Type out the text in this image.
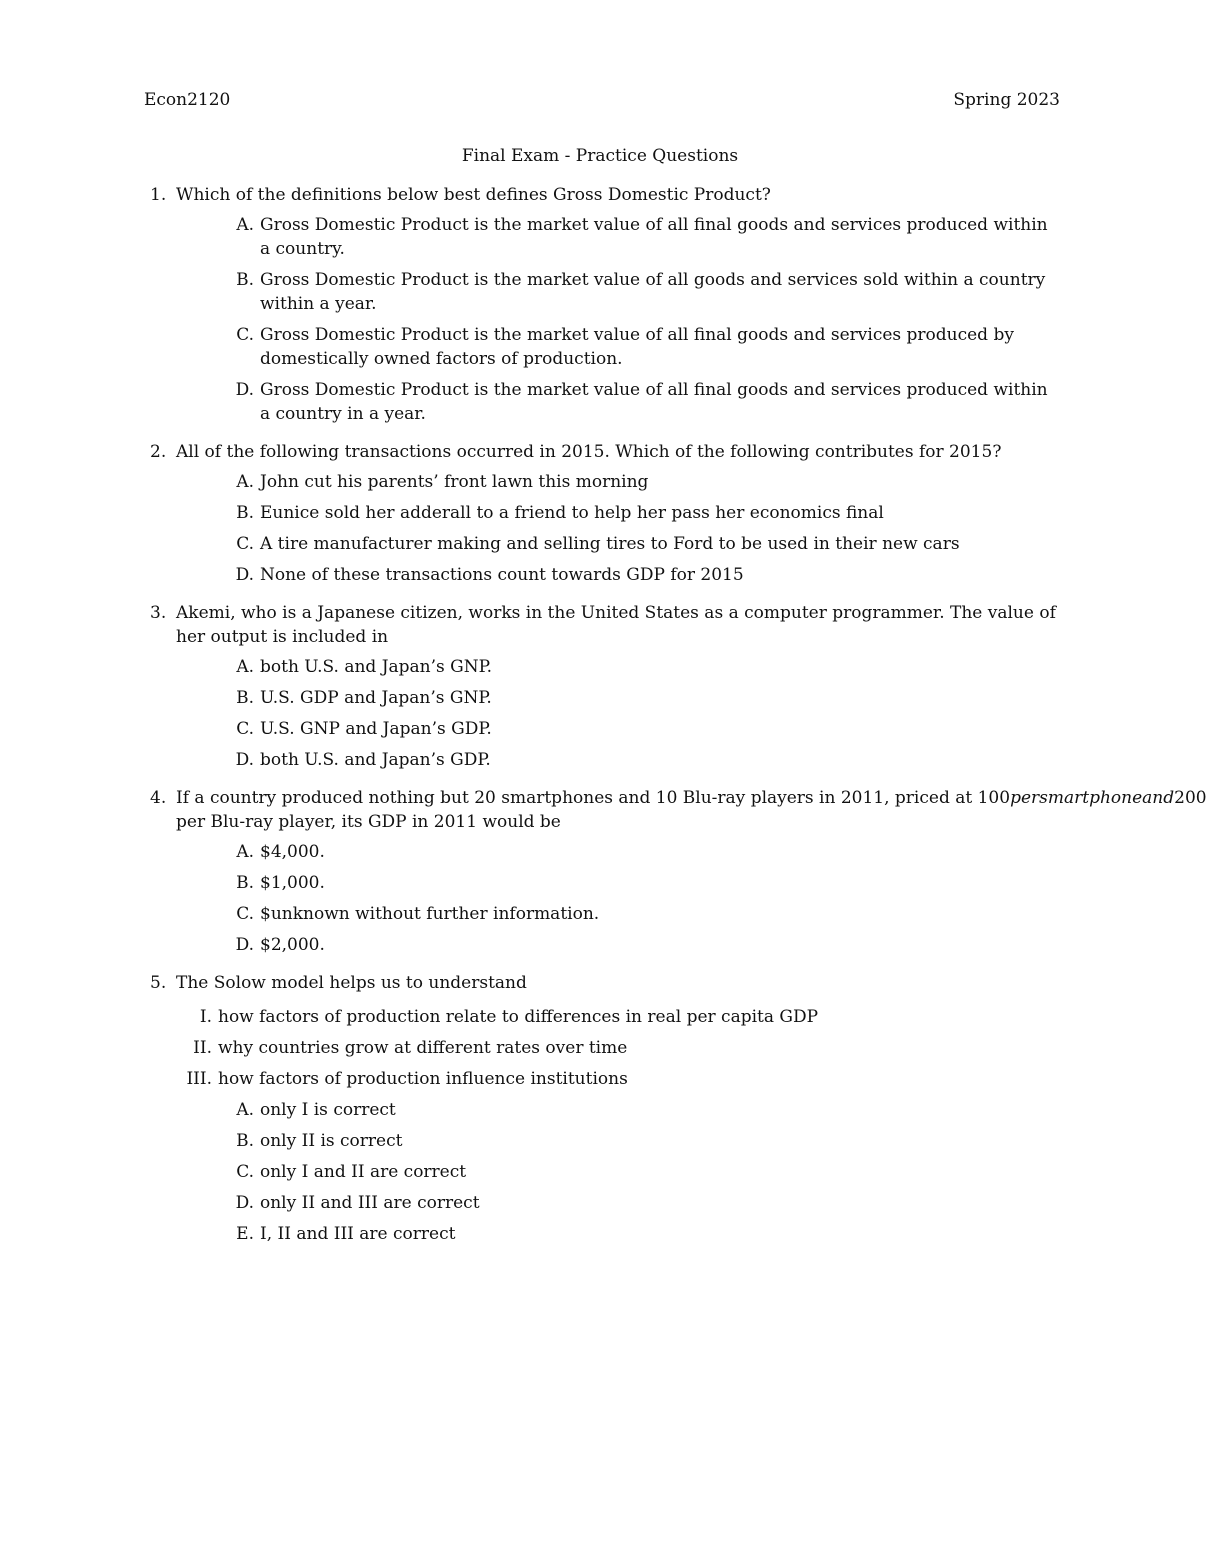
Econ2120	Spring 2023
Final Exam - Practice Questions
1. Which of the definitions below best defines Gross Domestic Product?
A. Gross Domestic Product is the market value of all final goods and services produced within a country.
B. Gross Domestic Product is the market value of all goods and services sold within a country within a year.
C. Gross Domestic Product is the market value of all final goods and services produced by domestically owned factors of production.
D. Gross Domestic Product is the market value of all final goods and services produced within a country in a year.
2. All of the following transactions occurred in 2015. Which of the following contributes for 2015?
A. John cut his parents’ front lawn this morning
B. Eunice sold her adderall to a friend to help her pass her economics final
C. A tire manufacturer making and selling tires to Ford to be used in their new cars
D. None of these transactions count towards GDP for 2015
3. Akemi, who is a Japanese citizen, works in the United States as a computer programmer. The value of her output is included in
A. both U.S. and Japan’s GNP.
B. U.S. GDP and Japan’s GNP.
C. U.S. GNP and Japan’s GDP.
D. both U.S. and Japan’s GDP.
4. If a country produced nothing but 20 smartphones and 10 Blu-ray players in 2011, priced at 100persmartphoneand200
per Blu-ray player, its GDP in 2011 would be
A. $4,000.
B. $1,000.
C. $unknown without further information.
D. $2,000.
5. The Solow model helps us to understand
I. how factors of production relate to differences in real per capita GDP
II. why countries grow at different rates over time
III. how factors of production influence institutions
A. only I is correct
B. only II is correct
C. only I and II are correct
D. only II and III are correct
E. I, II and III are correct
